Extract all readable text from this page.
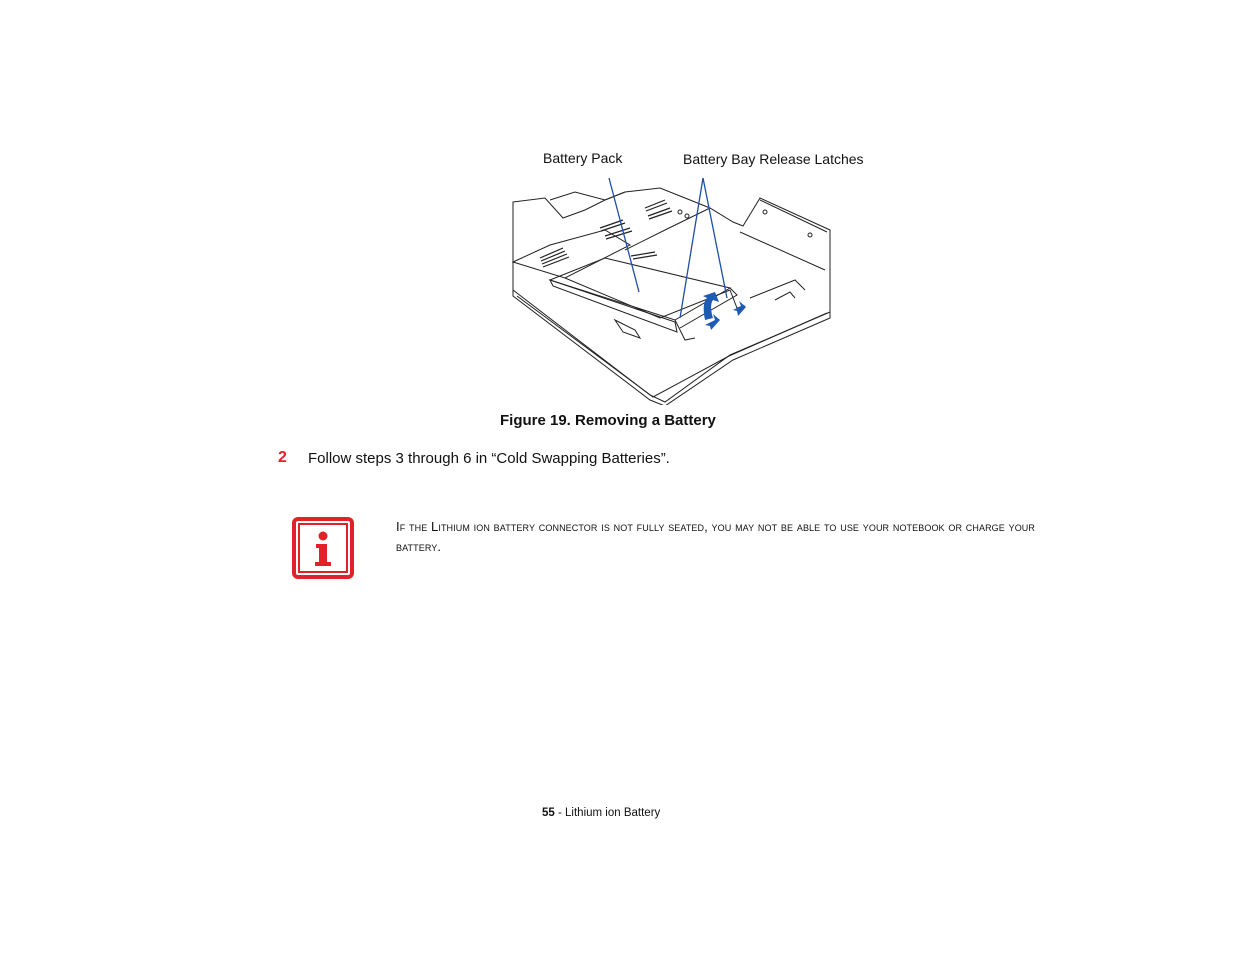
Battery Pack	Battery Bay Release Latches
Figure 19. Removing a Battery
2 Follow steps 3 through 6 in “Cold Swapping Batteries”.
If the Lithium ion battery connector is not fully seated, you may not be able to use your notebook or charge your battery.
55 - Lithium ion Battery
